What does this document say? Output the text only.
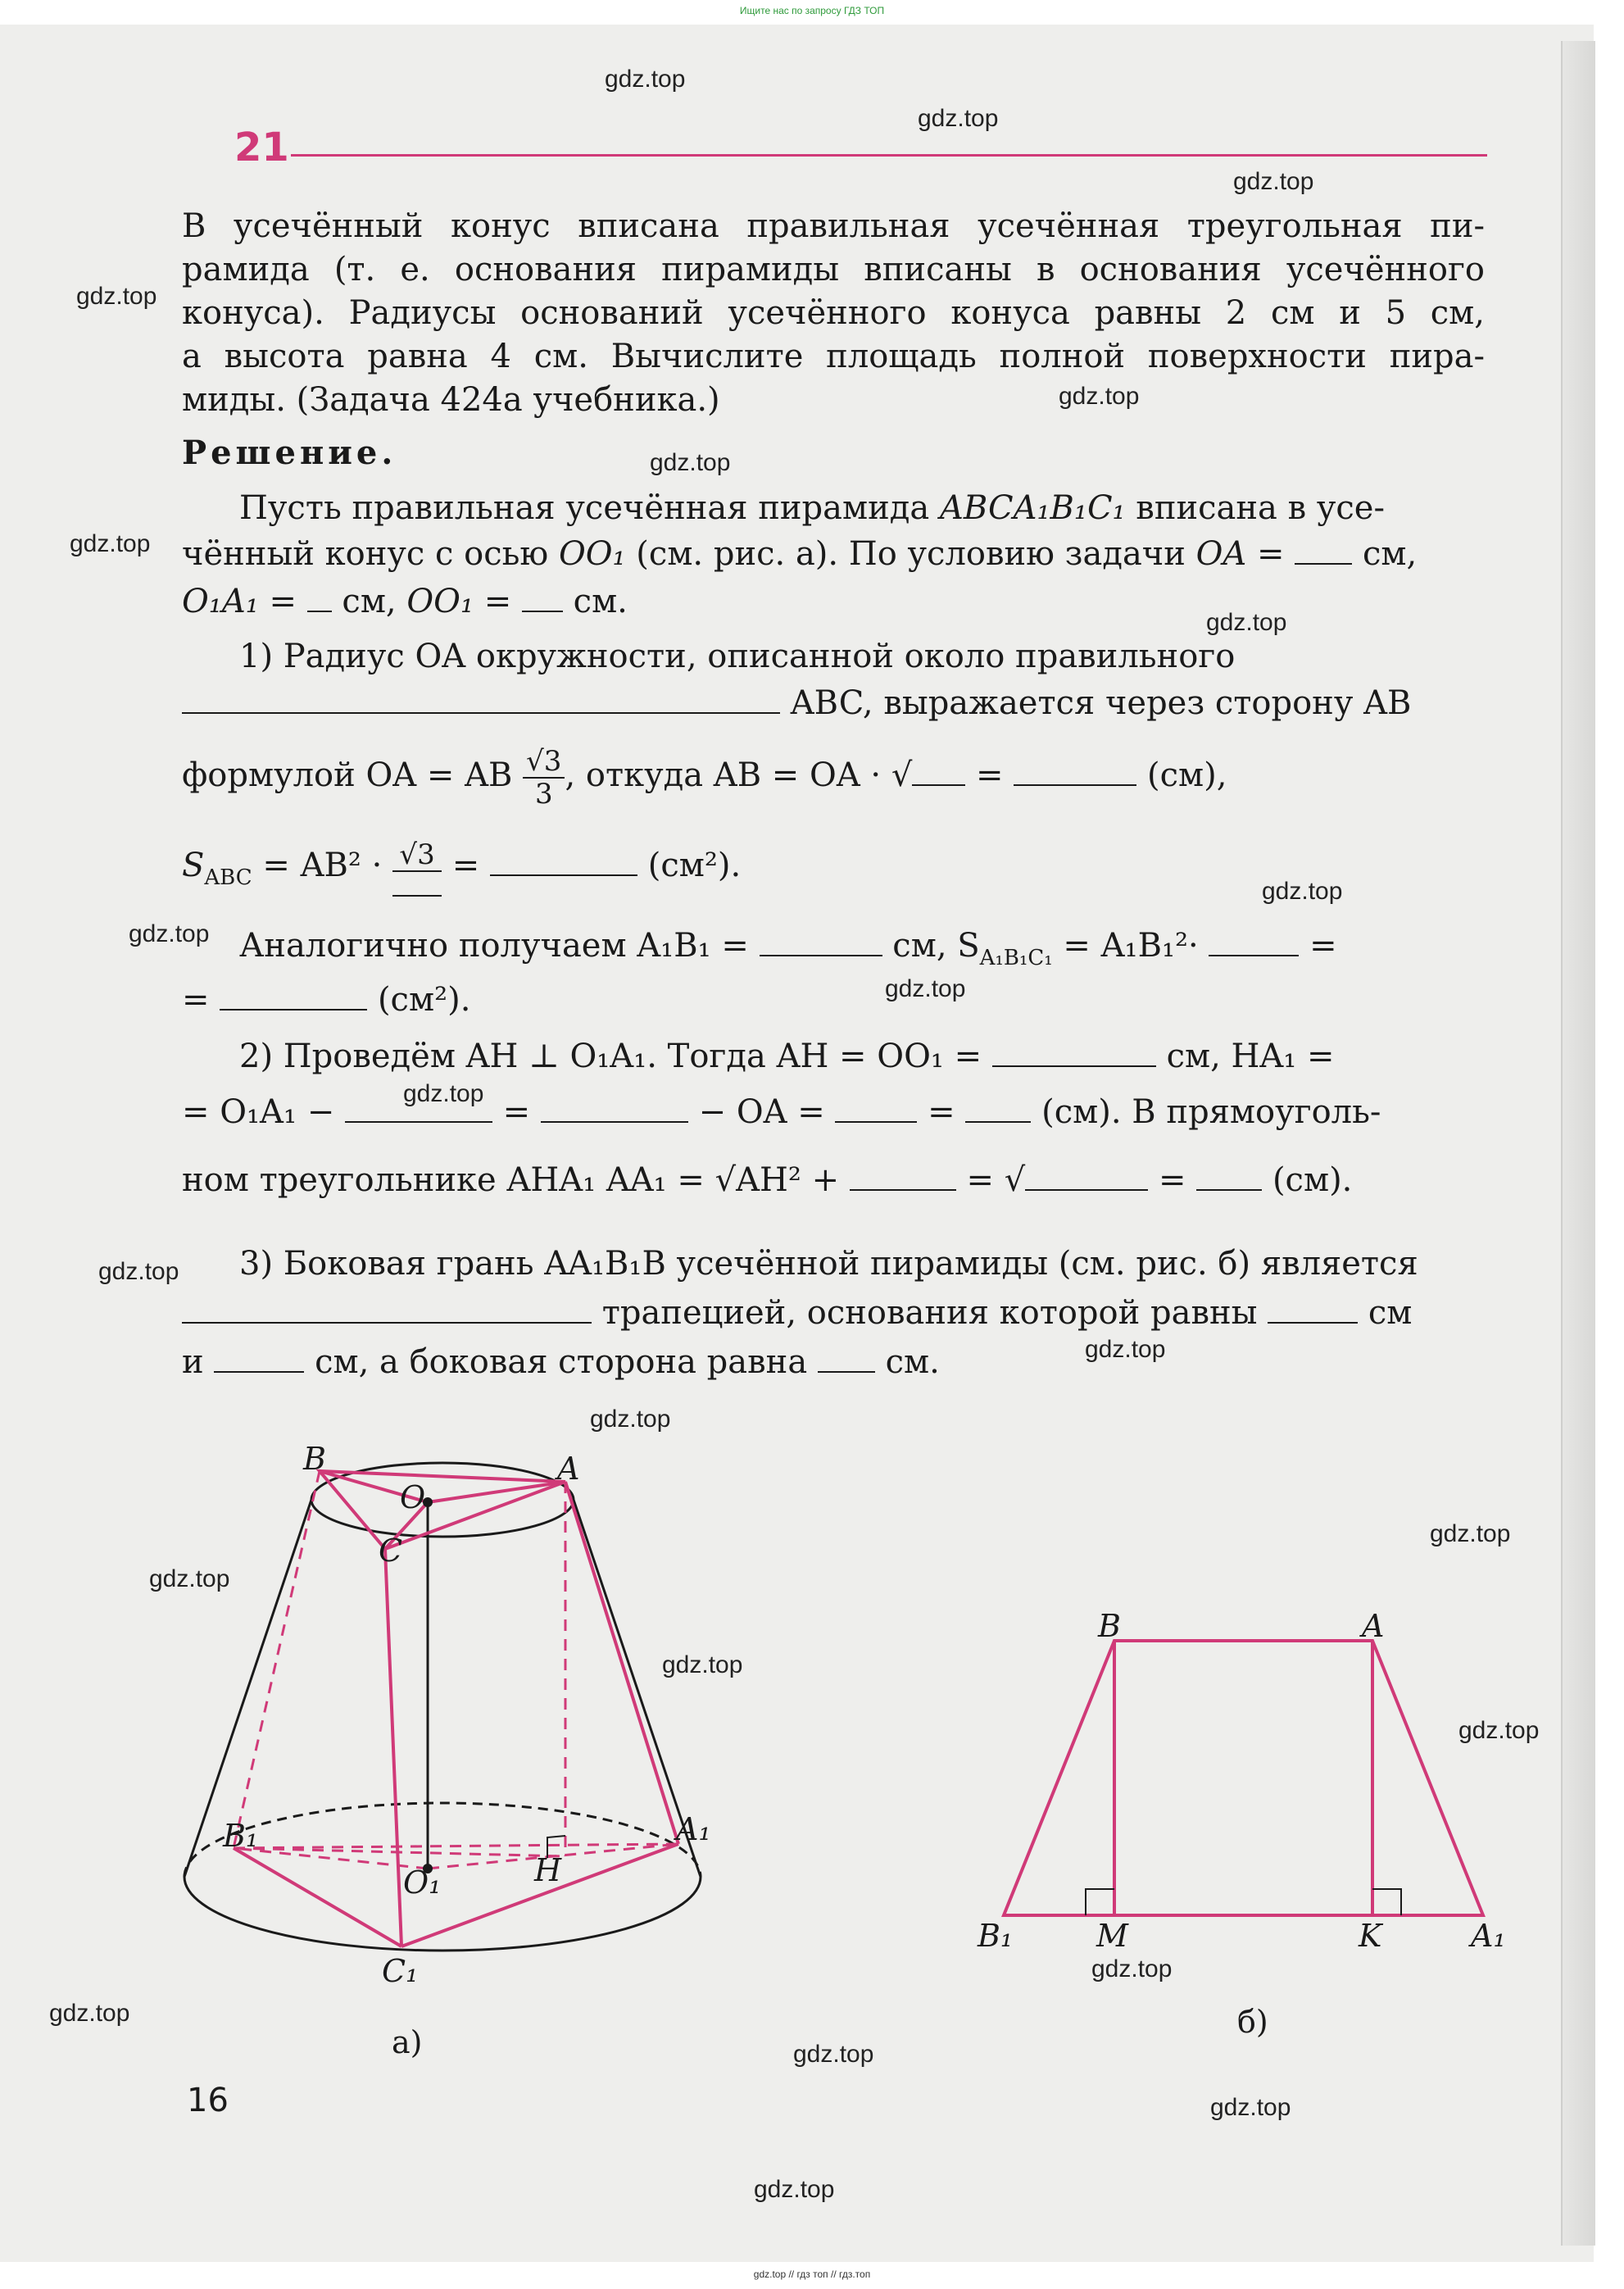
Ищите нас по запросу ГДЗ ТОП
21
В усечённый конус вписана правильная усечённая треугольная пи-
рамида (т. е. основания пирамиды вписаны в основания усечённого
конуса). Радиусы оснований усечённого конуса равны 2 см и 5 см,
а высота равна 4 см. Вычислите площадь полной поверхности пира-
миды. (Задача 424а учебника.)
Решение.
Пусть правильная усечённая пирамида ABCA₁B₁C₁ вписана в усе-
чённый конус с осью OO₁ (см. рис. а). По условию задачи OA =  см,
O₁A₁ =  см, OO₁ =  см.
1) Радиус OA окружности, описанной около правильного
ABC, выражается через сторону AB
формулой OA = AB $\frac{√3}{3}$ , откуда AB = OA · √ =	(см),
$S_{ABC} = AB^2 \cdot √3$ =	(см²).
Аналогично получаем A₁B₁ =	см, $S_{A_1B_1C_1} = A_1B_1^2\cdot$	=
=	(см²).
2) Проведём AH ⊥ O₁A₁. Тогда AH = OO₁ =	см, HA₁ =
= O₁A₁ −	=	− OA =	=  (см). В прямоуголь-
ном треугольнике AHA₁ AA₁ = √AH² +	= √	=  (см).
3) Боковая грань AA₁B₁B усечённой пирамиды (см. рис. б) является
трапецией, основания которой равны	см
и	см, а боковая сторона равна  см.
B
O
A
C
B₁
O₁	H
A₁
C₁
а)
B	A
B₁	M	K	A₁
б)
16
gdz.top
gdz.top
gdz.top
gdz.top
gdz.top
gdz.top
gdz.top
gdz.top
gdz.top
gdz.top
gdz.top
gdz.top
gdz.top
gdz.top
gdz.top
gdz.top
gdz.top
gdz.top
gdz.top
gdz.top
gdz.top
gdz.top
gdz.top
gdz.top
gdz.top // гдз топ // гдз.топ
